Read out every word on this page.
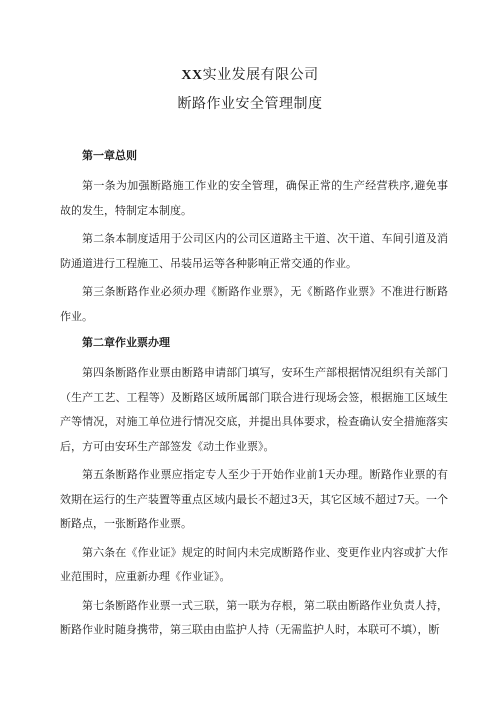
XX实业发展有限公司
断路作业安全管理制度
第一章总则

第一条为加强断路施工作业的安全管理，确保正常的生产经营秩序,避免事故的发生，特制定本制度。

第二条本制度适用于公司区内的公司区道路主干道、次干道、车间引道及消防通道进行工程施工、吊装吊运等各种影响正常交通的作业。

第三条断路作业必须办理《断路作业票》，无《断路作业票》不准进行断路作业。

第二章作业票办理

第四条断路作业票由断路申请部门填写，安环生产部根据情况组织有关部门（生产工艺、工程等）及断路区域所属部门联合进行现场会签，根据施工区域生产等情况，对施工单位进行情况交底，并提出具体要求，检查确认安全措施落实后，方可由安环生产部签发《动土作业票》。

第五条断路作业票应指定专人至少于开始作业前1天办理。断路作业票的有效期在运行的生产装置等重点区域内最长不超过3天，其它区域不超过7天。一个断路点，一张断路作业票。

第六条在《作业证》规定的时间内未完成断路作业、变更作业内容或扩大作业范围时，应重新办理《作业证》。

第七条断路作业票一式三联，第一联为存根，第二联由断路作业负责人持，断路作业时随身携带，第三联由由监护人持（无需监护人时，本联可不填），断
